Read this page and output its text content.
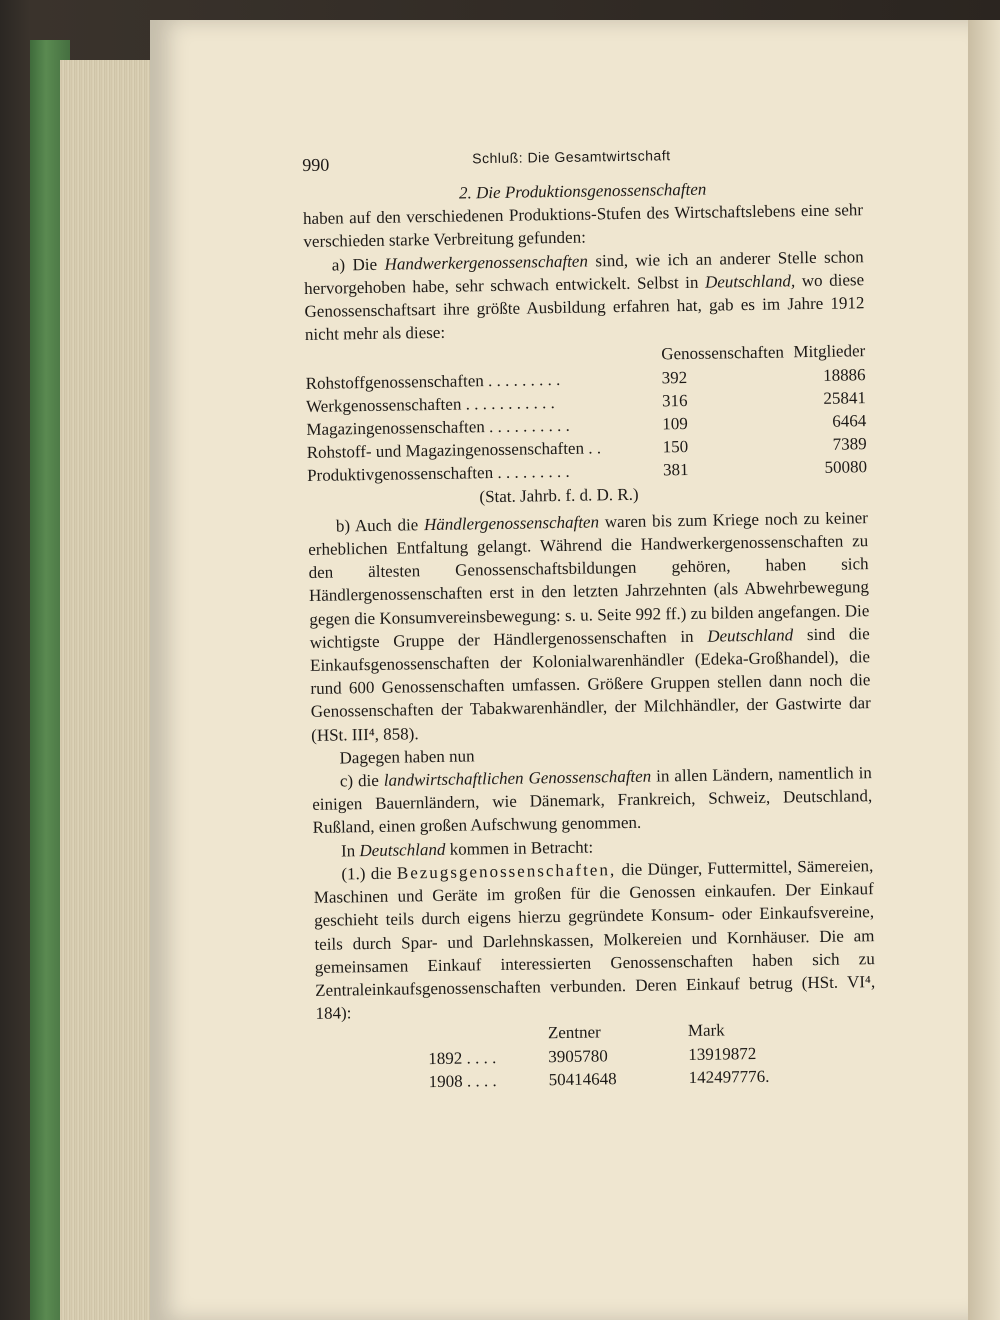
990	Schluß: Die Gesamtwirtschaft

2. Die Produktionsgenossenschaften

haben auf den verschiedenen Produktions-Stufen des Wirtschaftslebens eine sehr verschieden starke Verbreitung gefunden:

a) Die Handwerkergenossenschaften sind, wie ich an anderer Stelle schon hervorgehoben habe, sehr schwach entwickelt. Selbst in Deutschland, wo diese Genossenschaftsart ihre größte Ausbildung erfahren hat, gab es im Jahre 1912 nicht mehr als diese:

	Genossenschaften Mitglieder	

Rohstoffgenossenschaften . . . . . . . . .	392	18886
Werkgenossenschaften . . . . . . . . . . .	316	25841
Magazingenossenschaften . . . . . . . . . .	109	6464
Rohstoff- und Magazingenossenschaften . .	150	7389
Produktivgenossenschaften . . . . . . . . .	381	50080

(Stat. Jahrb. f. d. D. R.)

b) Auch die Händlergenossenschaften waren bis zum Kriege noch zu keiner erheblichen Entfaltung gelangt. Während die Handwerkergenossenschaften zu den ältesten Genossenschaftsbildungen gehören, haben sich Händlergenossenschaften erst in den letzten Jahrzehnten (als Abwehrbewegung gegen die Konsumvereinsbewegung: s. u. Seite 992 ff.) zu bilden angefangen. Die wichtigste Gruppe der Händlergenossenschaften in Deutschland sind die Einkaufsgenossenschaften der Kolonialwarenhändler (Edeka-Großhandel), die rund 600 Genossenschaften umfassen. Größere Gruppen stellen dann noch die Genossenschaften der Tabakwarenhändler, der Milchhändler, der Gastwirte dar (HSt. III⁴, 858).

Dagegen haben nun

c) die landwirtschaftlichen Genossenschaften in allen Ländern, namentlich in einigen Bauernländern, wie Dänemark, Frankreich, Schweiz, Deutschland, Rußland, einen großen Aufschwung genommen.

In Deutschland kommen in Betracht:

(1.) die Bezugsgenossenschaften, die Dünger, Futtermittel, Sämereien, Maschinen und Geräte im großen für die Genossen einkaufen. Der Einkauf geschieht teils durch eigens hierzu gegründete Konsum- oder Einkaufsvereine, teils durch Spar- und Darlehnskassen, Molkereien und Kornhäuser. Die am gemeinsamen Einkauf interessierten Genossenschaften haben sich zu Zentraleinkaufsgenossenschaften verbunden. Deren Einkauf betrug (HSt. VI⁴, 184):

	Zentner	Mark
1892 . . . .	3905780	13919872
1908 . . . .	50414648	142497776.
